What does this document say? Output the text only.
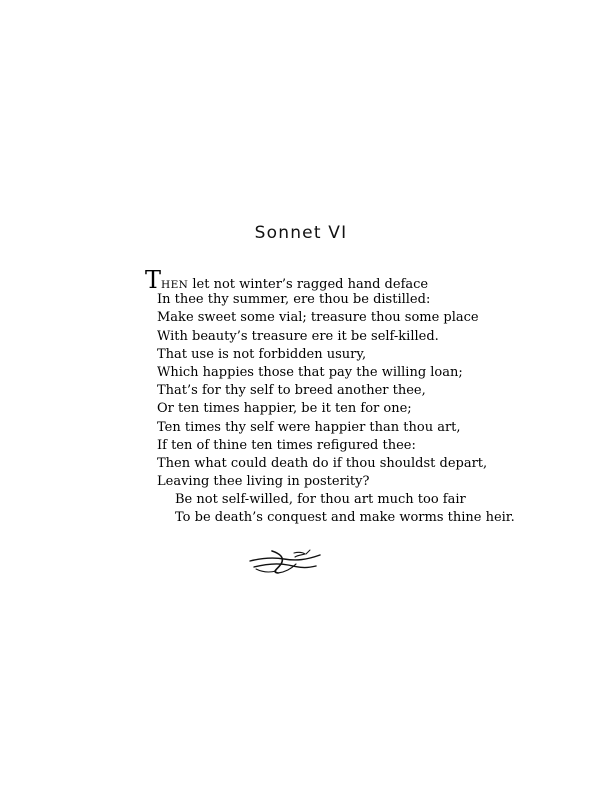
Sonnet VI
THEN let not winter’s ragged hand deface
In thee thy summer, ere thou be distilled:
Make sweet some vial; treasure thou some place
With beauty’s treasure ere it be self-killed.
That use is not forbidden usury,
Which happies those that pay the willing loan;
That’s for thy self to breed another thee,
Or ten times happier, be it ten for one;
Ten times thy self were happier than thou art,
If ten of thine ten times refigured thee:
Then what could death do if thou shouldst depart,
Leaving thee living in posterity?
Be not self-willed, for thou art much too fair
To be death’s conquest and make worms thine heir.
